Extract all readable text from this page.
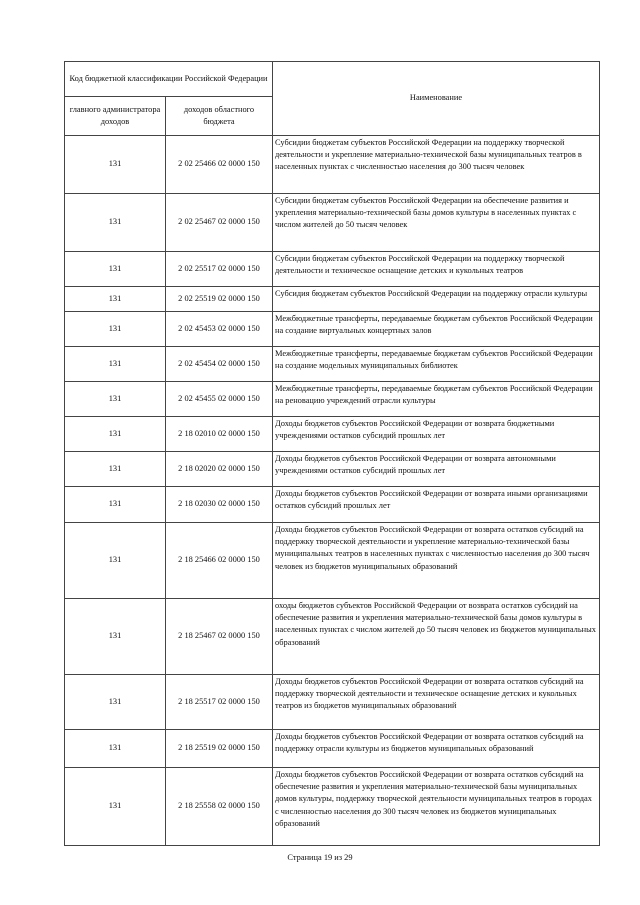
Код бюджетной классификации Российской Федерации		Наименование
главного администратора доходов	доходов областного бюджета	
131	2 02 25466 02 0000 150	Субсидии бюджетам субъектов Российской Федерации на поддержку творческой деятельности и укрепление материально-технической базы муниципальных театров в населенных пунктах с численностью населения до 300 тысяч человек
131	2 02 25467 02 0000 150	Субсидии бюджетам субъектов Российской Федерации на обеспечение развития и укрепления материально-технической базы домов культуры в населенных пунктах с числом жителей до 50 тысяч человек
131	2 02 25517 02 0000 150	Субсидии бюджетам субъектов Российской Федерации на поддержку творческой деятельности и техническое оснащение детских и кукольных театров
131	2 02 25519 02 0000 150	Субсидия бюджетам субъектов Российской Федерации на поддержку отрасли культуры
131	2 02 45453 02 0000 150	Межбюджетные трансферты, передаваемые бюджетам субъектов Российской Федерации на создание виртуальных концертных залов
131	2 02 45454 02 0000 150	Межбюджетные трансферты, передаваемые бюджетам субъектов Российской Федерации на создание модельных муниципальных библиотек
131	2 02 45455 02 0000 150	Межбюджетные трансферты, передаваемые бюджетам субъектов Российской Федерации на реновацию учреждений отрасли культуры
131	2 18 02010 02 0000 150	Доходы бюджетов субъектов Российской Федерации от возврата бюджетными учреждениями остатков субсидий прошлых лет
131	2 18 02020 02 0000 150	Доходы бюджетов субъектов Российской Федерации от возврата автономными учреждениями остатков субсидий прошлых лет
131	2 18 02030 02 0000 150	Доходы бюджетов субъектов Российской Федерации от возврата иными организациями остатков субсидий прошлых лет
131	2 18 25466 02 0000 150	Доходы бюджетов субъектов Российской Федерации от возврата остатков субсидий на поддержку творческой деятельности и укрепление материально-технической базы муниципальных театров в населенных пунктах с численностью населения до 300 тысяч человек из бюджетов муниципальных образований
131	2 18 25467 02 0000 150	оходы бюджетов субъектов Российской Федерации от возврата остатков субсидий на обеспечение развития и укрепления материально-технической базы домов культуры в населенных пунктах с числом жителей до 50 тысяч человек из бюджетов муниципальных образований
131	2 18 25517 02 0000 150	Доходы бюджетов субъектов Российской Федерации от возврата остатков субсидий на поддержку творческой деятельности и техническое оснащение детских и кукольных театров из бюджетов муниципальных образований
131	2 18 25519 02 0000 150	Доходы бюджетов субъектов Российской Федерации от возврата остатков субсидий на поддержку отрасли культуры из бюджетов муниципальных образований
131	2 18 25558 02 0000 150	Доходы бюджетов субъектов Российской Федерации от возврата остатков субсидий на обеспечение развития и укрепления материально-технической базы муниципальных домов культуры, поддержку творческой деятельности муниципальных театров в городах с численностью населения до 300 тысяч человек из бюджетов муниципальных образований
Страница 19 из 29
